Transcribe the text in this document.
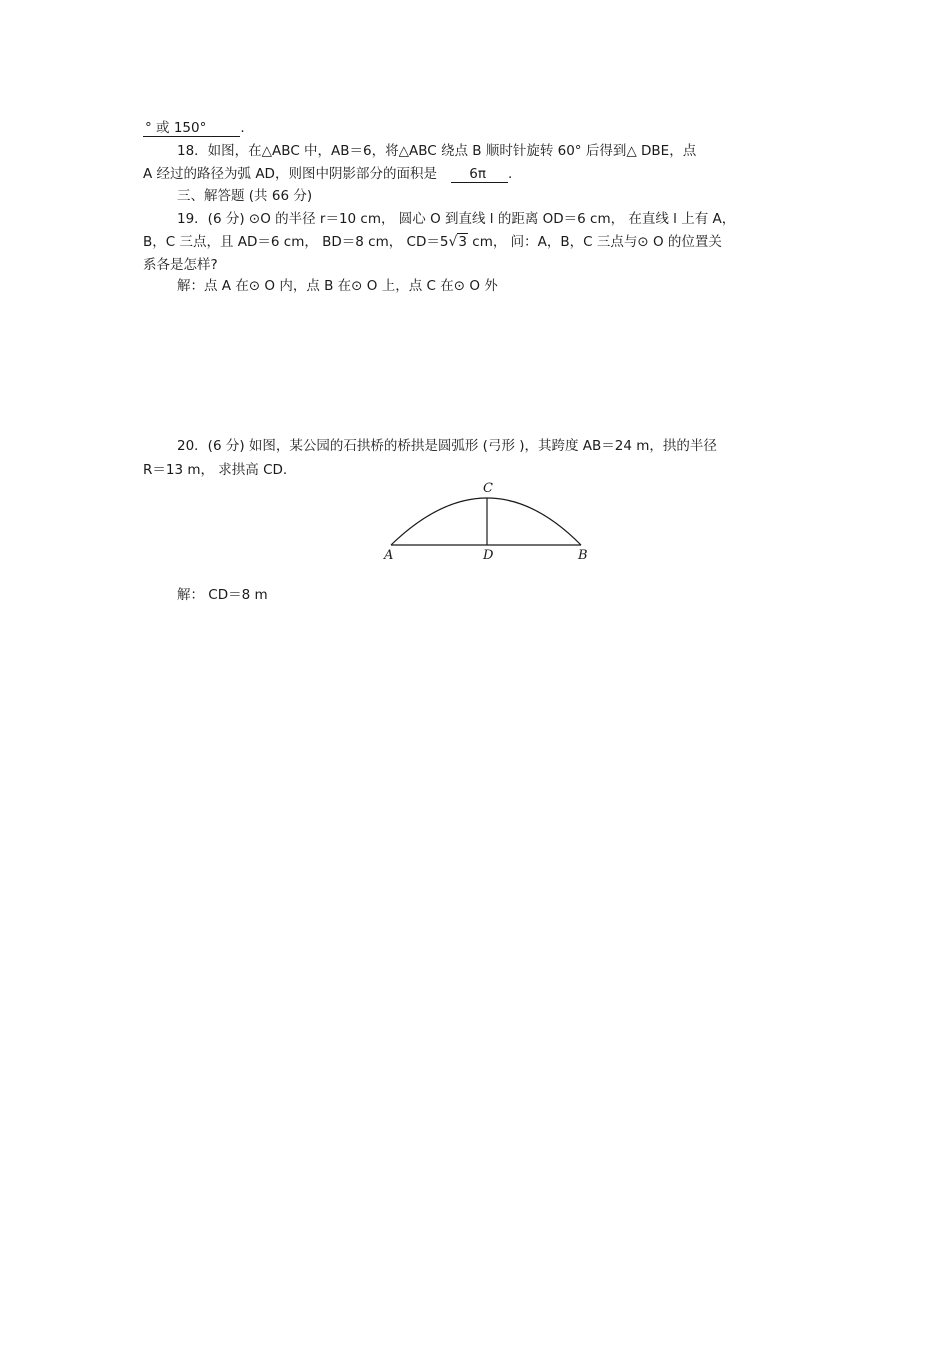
° 或 150°	.
18．如图，在△ABC 中，AB＝6，将△ABC 绕点 B 顺时针旋转 60° 后得到△ DBE，点
A 经过的路径为弧 AD，则图中阴影部分的面积是 6π .
三、解答题 (共 66 分)
19．(6 分) ⊙O 的半径 r＝10 cm， 圆心 O 到直线 l 的距离 OD＝6 cm， 在直线 l 上有 A，
B，C 三点，且 AD＝6 cm， BD＝8 cm， CD＝5√3 cm， 问：A，B，C 三点与⊙ O 的位置关
系各是怎样?
解：点 A 在⊙ O 内，点 B 在⊙ O 上，点 C 在⊙ O 外
20．(6 分) 如图，某公园的石拱桥的桥拱是圆弧形 (弓形 )，其跨度 AB＝24 m，拱的半径
R＝13 m， 求拱高 CD.
A	B
C
D
解： CD＝8 m
